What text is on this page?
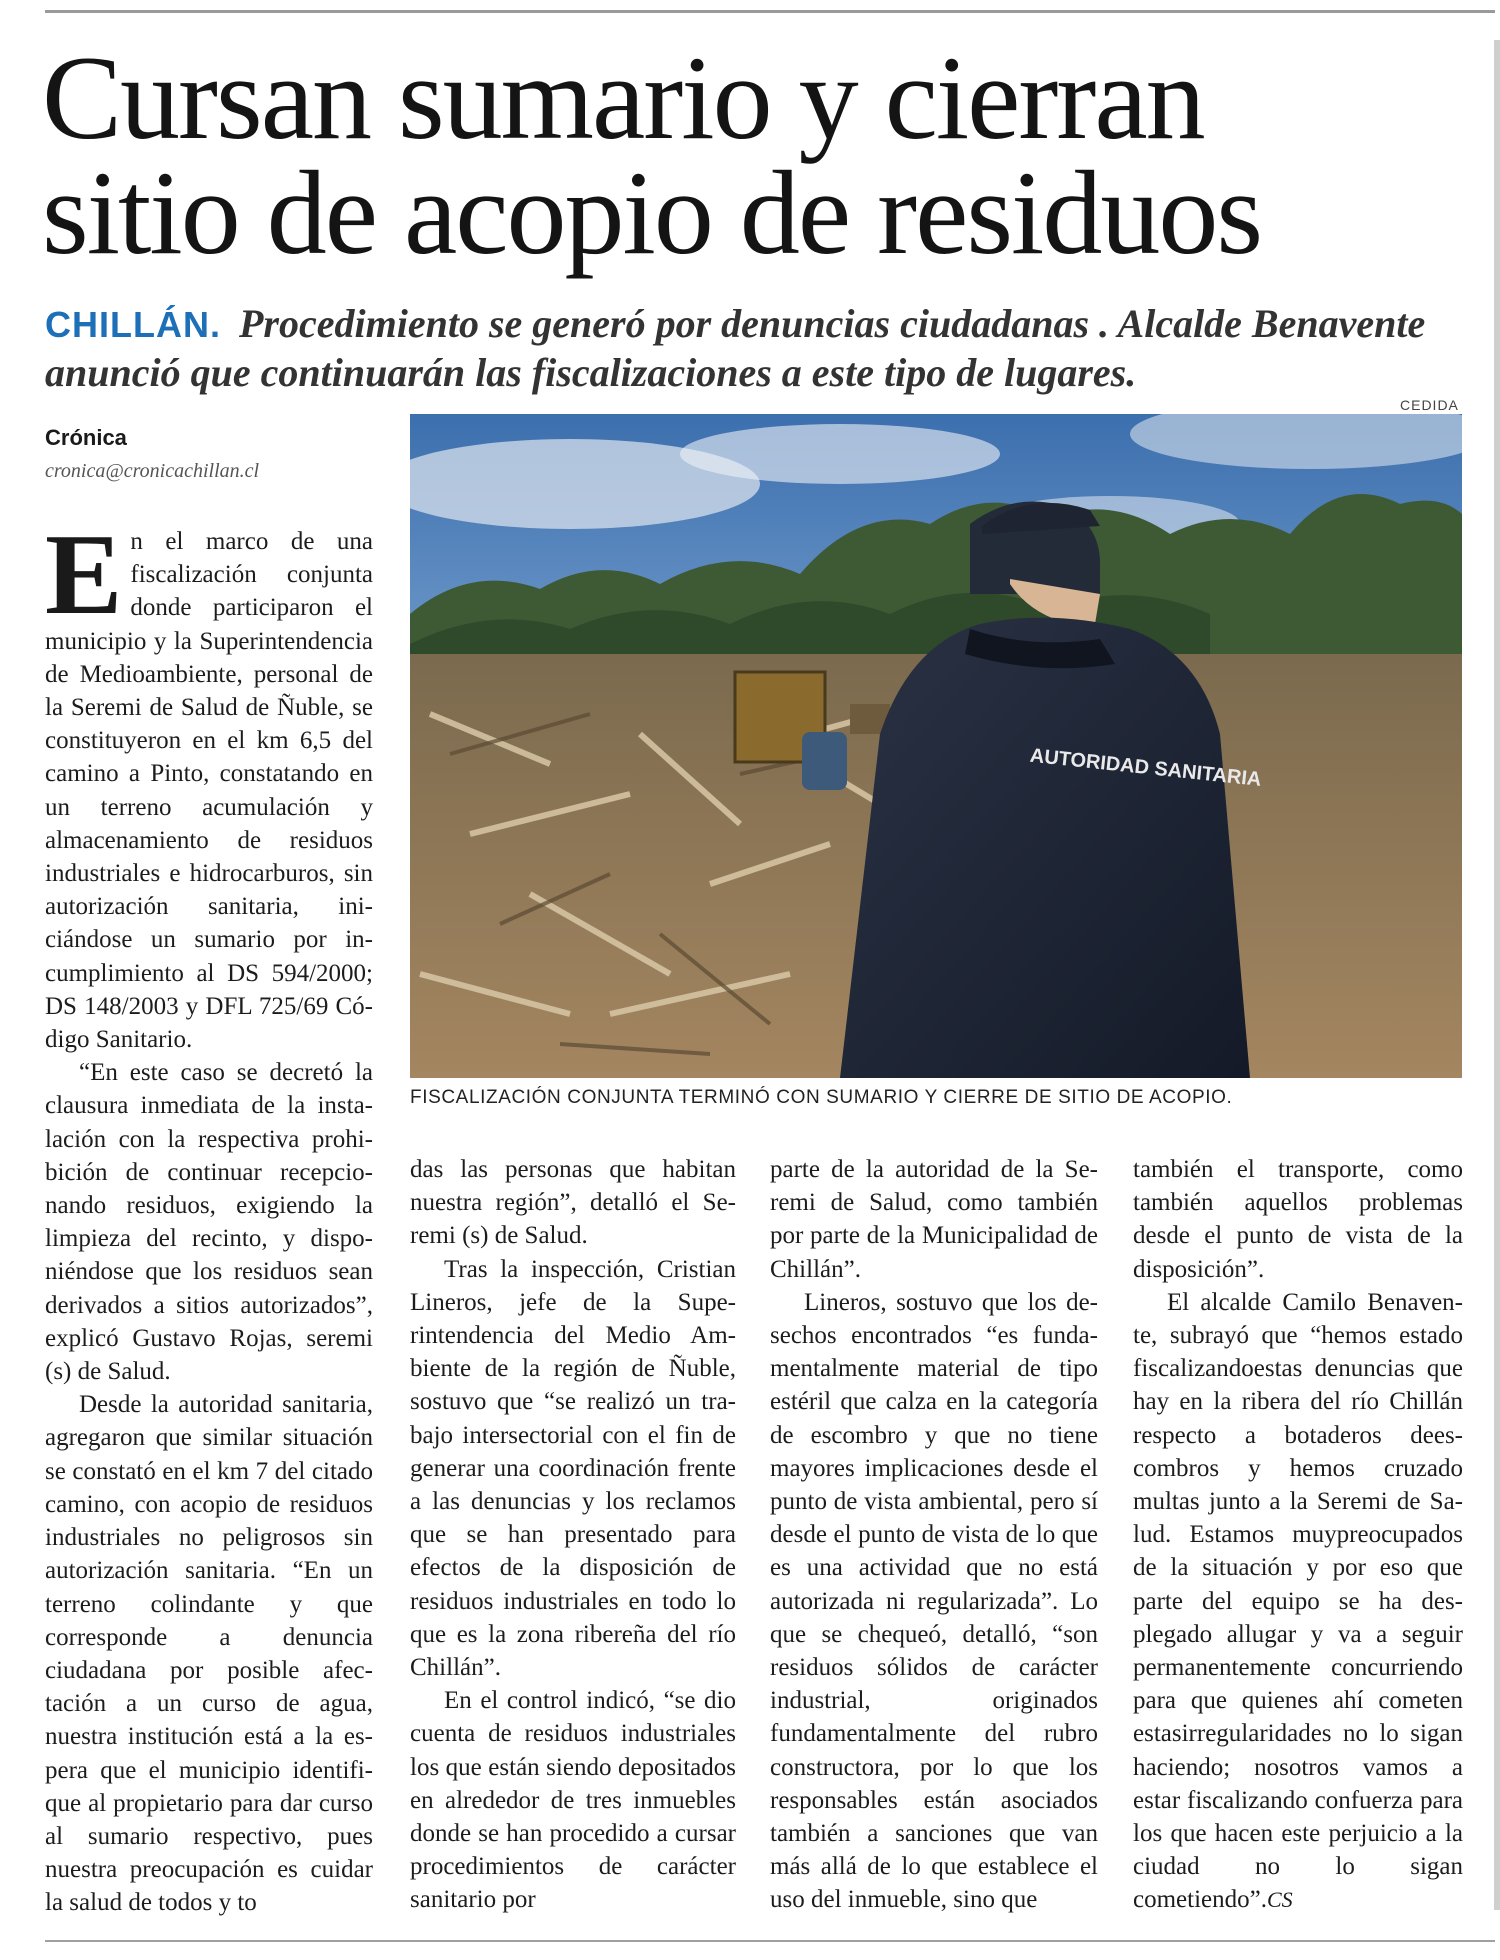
Cursan sumario y cierran
sitio de acopio de residuos
CHILLÁN. Procedimiento se generó por denuncias ciudadanas . Alcalde Benavente anunció que continuarán las fiscalizaciones a este tipo de lugares.
Crónica
cronica@cronicachillan.cl
CEDIDA
AUTORIDAD SANITARIA
FISCALIZACIÓN CONJUNTA TERMINÓ CON SUMARIO Y CIERRE DE SITIO DE ACOPIO.

En el marco de una fiscalización conjunta donde participaron el municipio y la Superintendencia de Medioambiente, personal de la Seremi de Salud de Ñuble, se constituyeron en el km 6,5 del camino a Pinto, constatando en un terreno acumulación y almacenamiento de residuos industriales e hidrocarburos, sin autorización sanitaria, iniciándose un sumario por incumplimiento al DS 594/2000; DS 148/2003 y DFL 725/69 Código Sanitario.

“En este caso se decretó la clausura inmediata de la instalación con la respectiva prohibición de continuar recepcionando residuos, exigiendo la limpieza del recinto, y disponiéndose que los residuos sean derivados a sitios autorizados”, explicó Gustavo Rojas, seremi (s) de Salud.

Desde la autoridad sanitaria, agregaron que similar situación se constató en el km 7 del citado camino, con acopio de residuos industriales no peligrosos sin autorización sanitaria. “En un terreno colindante y que corresponde a denuncia ciudadana por posible afectación a un curso de agua, nuestra institución está a la espera que el municipio identifique al propietario para dar curso al sumario respectivo, pues nuestra preocupación es cuidar la salud de todos y to

das las personas que habitan nuestra región”, detalló el Seremi (s) de Salud.

Tras la inspección, Cristian Lineros, jefe de la Superintendencia del Medio Ambiente de la región de Ñuble, sostuvo que “se realizó un trabajo intersectorial con el fin de generar una coordinación frente a las denuncias y los reclamos que se han presentado para efectos de la disposición de residuos industriales en todo lo que es la zona ribereña del río Chillán”.

En el control indicó, “se dio cuenta de residuos industriales los que están siendo depositados en alrededor de tres inmuebles donde se han procedido a cursar procedimientos de carácter sanitario por

parte de la autoridad de la Seremi de Salud, como también por parte de la Municipalidad de Chillán”.

Lineros, sostuvo que los desechos encontrados “es fundamentalmente material de tipo estéril que calza en la categoría de escombro y que no tiene mayores implicaciones desde el punto de vista ambiental, pero sí desde el punto de vista de lo que es una actividad que no está autorizada ni regularizada”. Lo que se chequeó, detalló, “son residuos sólidos de carácter industrial, originados fundamentalmente del rubro constructora, por lo que los responsables están asociados también a sanciones que van más allá de lo que establece el uso del inmueble, sino que

también el transporte, como también aquellos problemas desde el punto de vista de la disposición”.

El alcalde Camilo Benavente, subrayó que “hemos estado fiscalizandoestas denuncias que hay en la ribera del río Chillán respecto a botaderos deescombros y hemos cruzado multas junto a la Seremi de Salud. Estamos muypreocupados de la situación y por eso que parte del equipo se ha desplegado allugar y va a seguir permanentemente concurriendo para que quienes ahí cometen estasirregularidades no lo sigan haciendo; nosotros vamos a estar fiscalizando confuerza para los que hacen este perjuicio a la ciudad no lo sigan cometiendo”.CS
